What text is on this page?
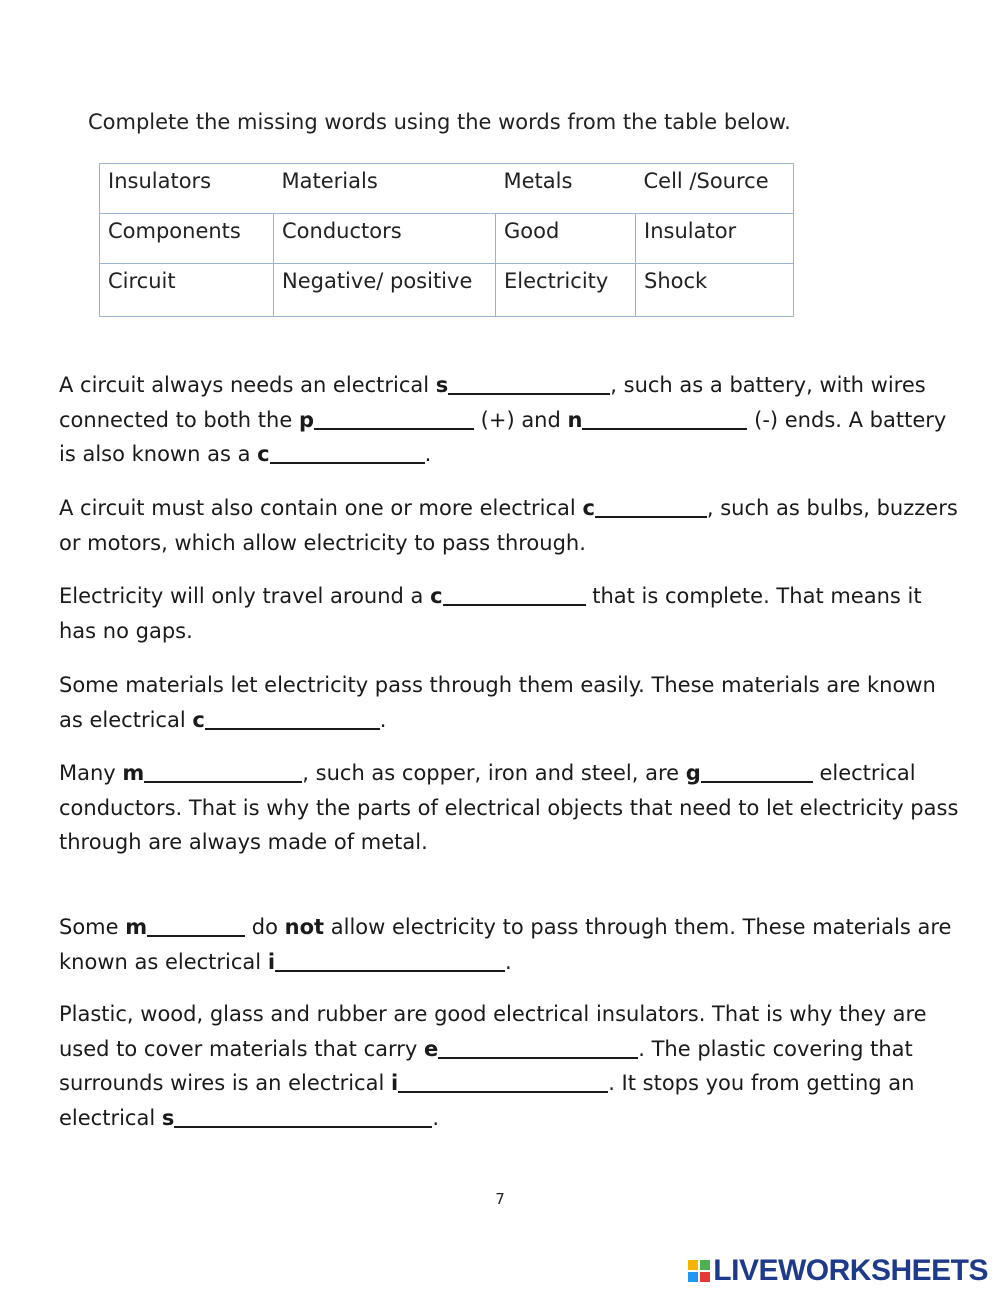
Complete the missing words using the words from the table below.

Insulators	Materials	Metals	Cell /Source
Components	Conductors	Good	Insulator
Circuit	Negative/ positive	Electricity	Shock

A circuit always needs an electrical s	, such as a battery, with wires connected to both the p	(+) and n	(-) ends. A battery is also known as a c	.

A circuit must also contain one or more electrical c	, such as bulbs, buzzers or motors, which allow electricity to pass through.

Electricity will only travel around a c	that is complete. That means it has no gaps.

Some materials let electricity pass through them easily. These materials are known as electrical c	.

Many m	, such as copper, iron and steel, are g	electrical conductors. That is why the parts of electrical objects that need to let electricity pass through are always made of metal.

Some m	do not allow electricity to pass through them. These materials are known as electrical i	.

Plastic, wood, glass and rubber are good electrical insulators. That is why they are used to cover materials that carry e	. The plastic covering that surrounds wires is an electrical i	. It stops you from getting an electrical s	.

7

LIVEWORKSHEETS
